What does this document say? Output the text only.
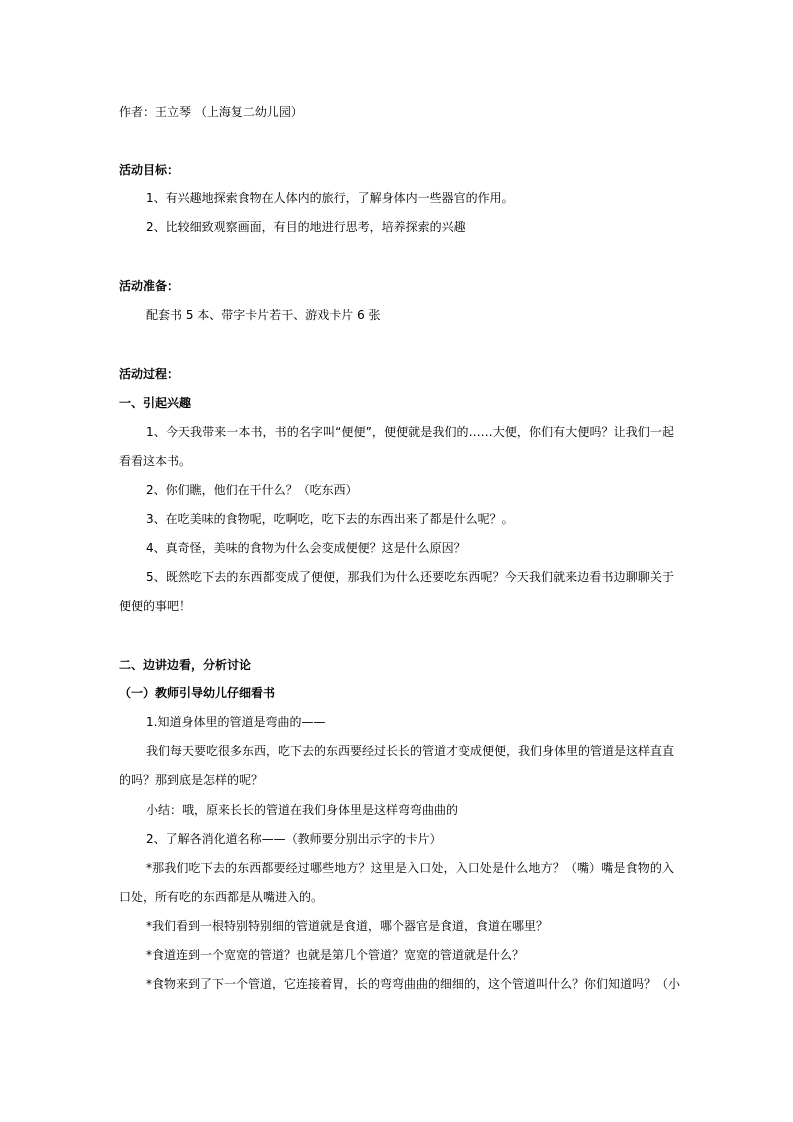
作者：王立琴 （上海复二幼儿园）
活动目标：
1、有兴趣地探索食物在人体内的旅行，了解身体内一些器官的作用。
2、比较细致观察画面，有目的地进行思考，培养探索的兴趣
活动准备：
配套书 5 本、带字卡片若干、游戏卡片 6 张
活动过程：
一、引起兴趣
1、今天我带来一本书，书的名字叫“便便”，便便就是我们的……大便，你们有大便吗？让我们一起看看这本书。
2、你们瞧，他们在干什么？（吃东西）
3、在吃美味的食物呢，吃啊吃，吃下去的东西出来了都是什么呢？。
4、真奇怪，美味的食物为什么会变成便便？这是什么原因？
5、既然吃下去的东西都变成了便便，那我们为什么还要吃东西呢？今天我们就来边看书边聊聊关于便便的事吧！
二、边讲边看，分析讨论
（一）教师引导幼儿仔细看书
1.知道身体里的管道是弯曲的——
我们每天要吃很多东西，吃下去的东西要经过长长的管道才变成便便，我们身体里的管道是这样直直的吗？那到底是怎样的呢？
小结：哦，原来长长的管道在我们身体里是这样弯弯曲曲的
2、了解各消化道名称——（教师要分别出示字的卡片）
*那我们吃下去的东西都要经过哪些地方？这里是入口处，入口处是什么地方？（嘴）嘴是食物的入口处，所有吃的东西都是从嘴进入的。
*我们看到一根特别特别细的管道就是食道，哪个器官是食道，食道在哪里？
*食道连到一个宽宽的管道？也就是第几个管道？宽宽的管道就是什么？
*食物来到了下一个管道，它连接着胃，长的弯弯曲曲的细细的，这个管道叫什么？你们知道吗？（小
